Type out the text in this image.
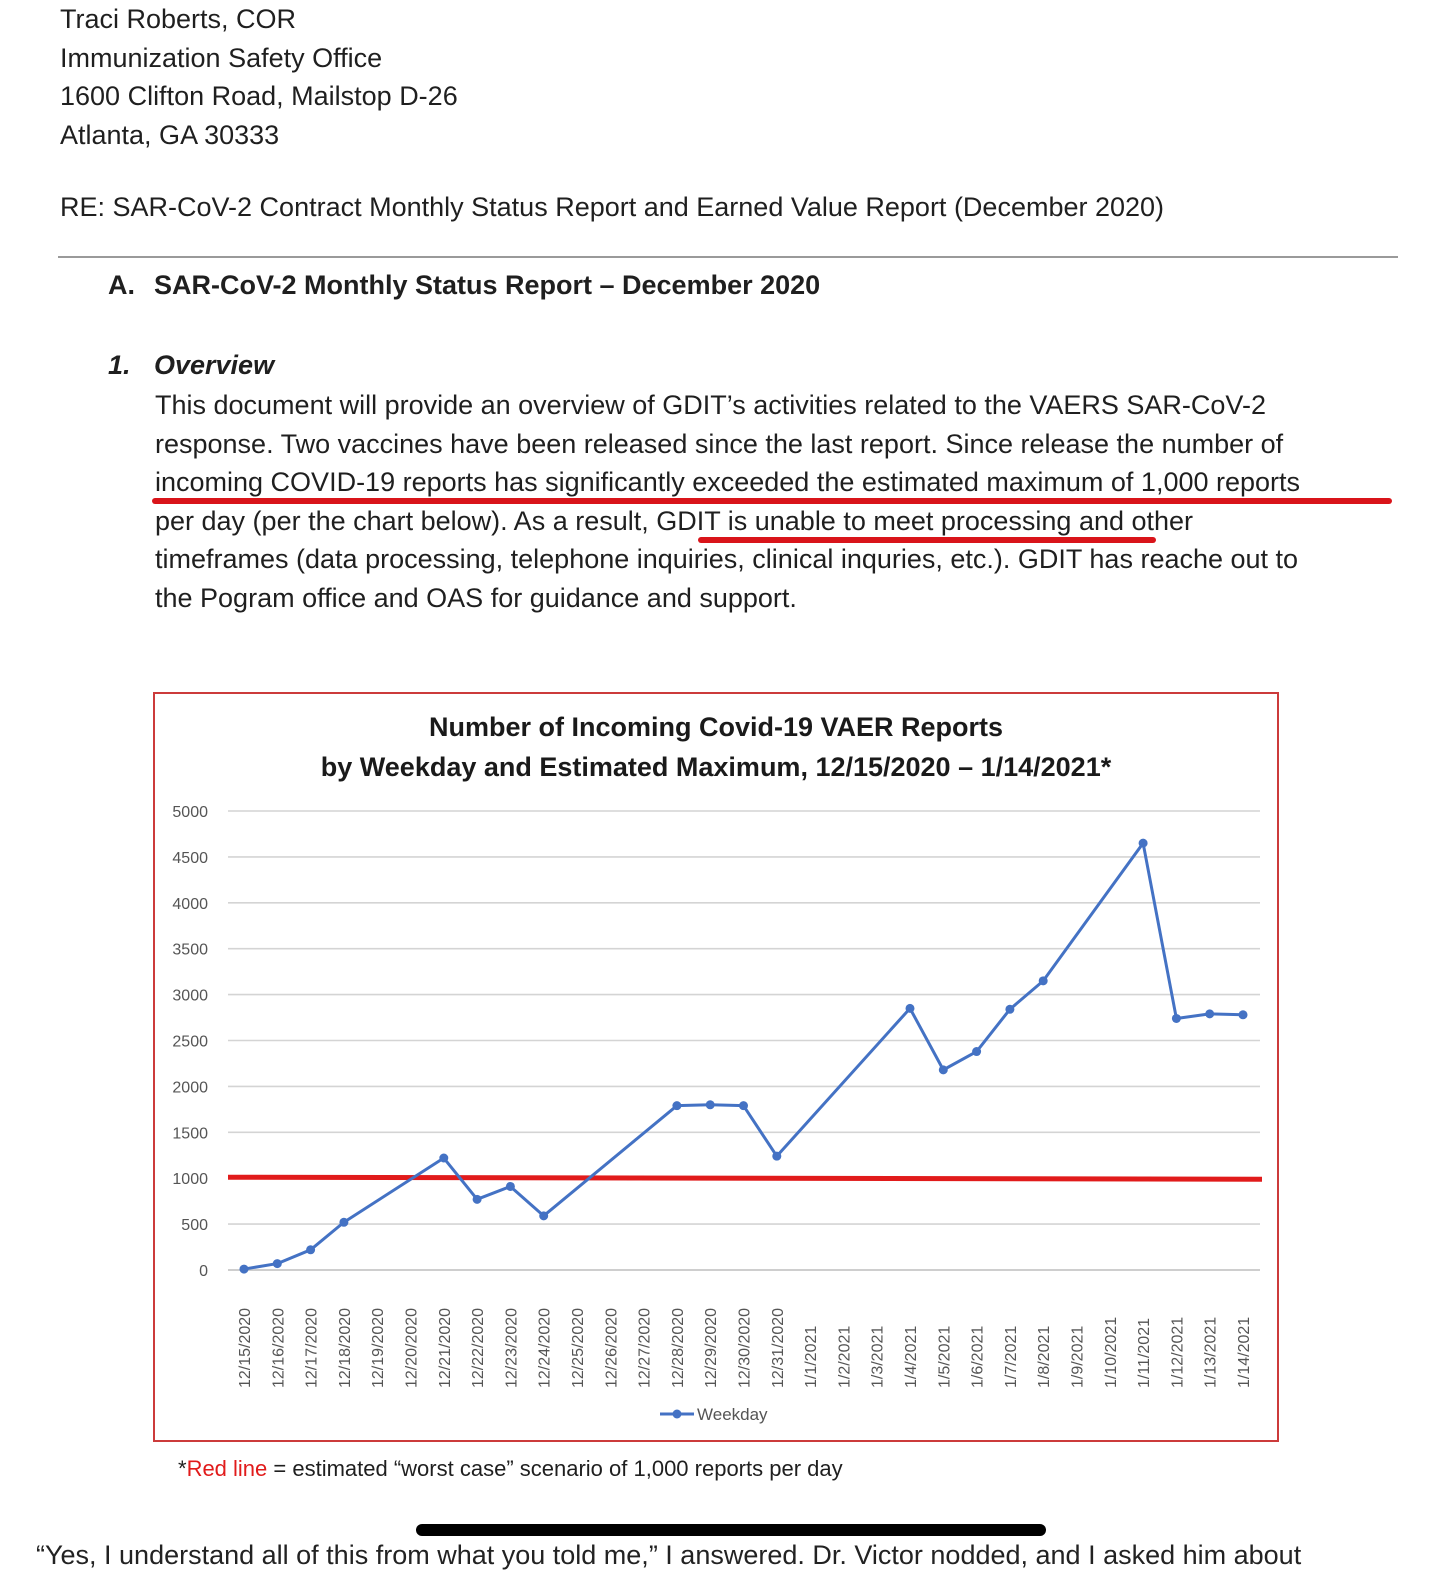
Traci Roberts, COR
Immunization Safety Office
1600 Clifton Road, Mailstop D-26
Atlanta, GA 30333
RE: SAR-CoV-2 Contract Monthly Status Report and Earned Value Report (December 2020)
A. SAR-CoV-2 Monthly Status Report – December 2020
1. Overview
This document will provide an overview of GDIT’s activities related to the VAERS SAR-CoV-2
response. Two vaccines have been released since the last report. Since release the number of
incoming COVID-19 reports has significantly exceeded the estimated maximum of 1,000 reports
per day (per the chart below). As a result, GDIT is unable to meet processing and other
timeframes (data processing, telephone inquiries, clinical inquries, etc.). GDIT has reache out to
the Pogram office and OAS for guidance and support.
Number of Incoming Covid-19 VAER Reports
by Weekday and Estimated Maximum, 12/15/2020 – 1/14/2021*
0
500
1000
1500
2000
2500
3000
3500
4000
4500
5000
12/15/2020 12/16/2020 12/17/2020 12/18/2020 12/19/2020 12/20/2020 12/21/2020 12/22/2020 12/23/2020 12/24/2020 12/25/2020 12/26/2020 12/27/2020 12/28/2020 12/29/2020 12/30/2020 12/31/2020 1/1/2021 1/2/2021 1/3/2021 1/4/2021 1/5/2021 1/6/2021 1/7/2021 1/8/2021 1/9/2021 1/10/2021 1/11/2021 1/12/2021 1/13/2021 1/14/2021
Weekday
*Red line = estimated “worst case” scenario of 1,000 reports per day
“Yes, I understand all of this from what you told me,” I answered. Dr. Victor nodded, and I asked him about
